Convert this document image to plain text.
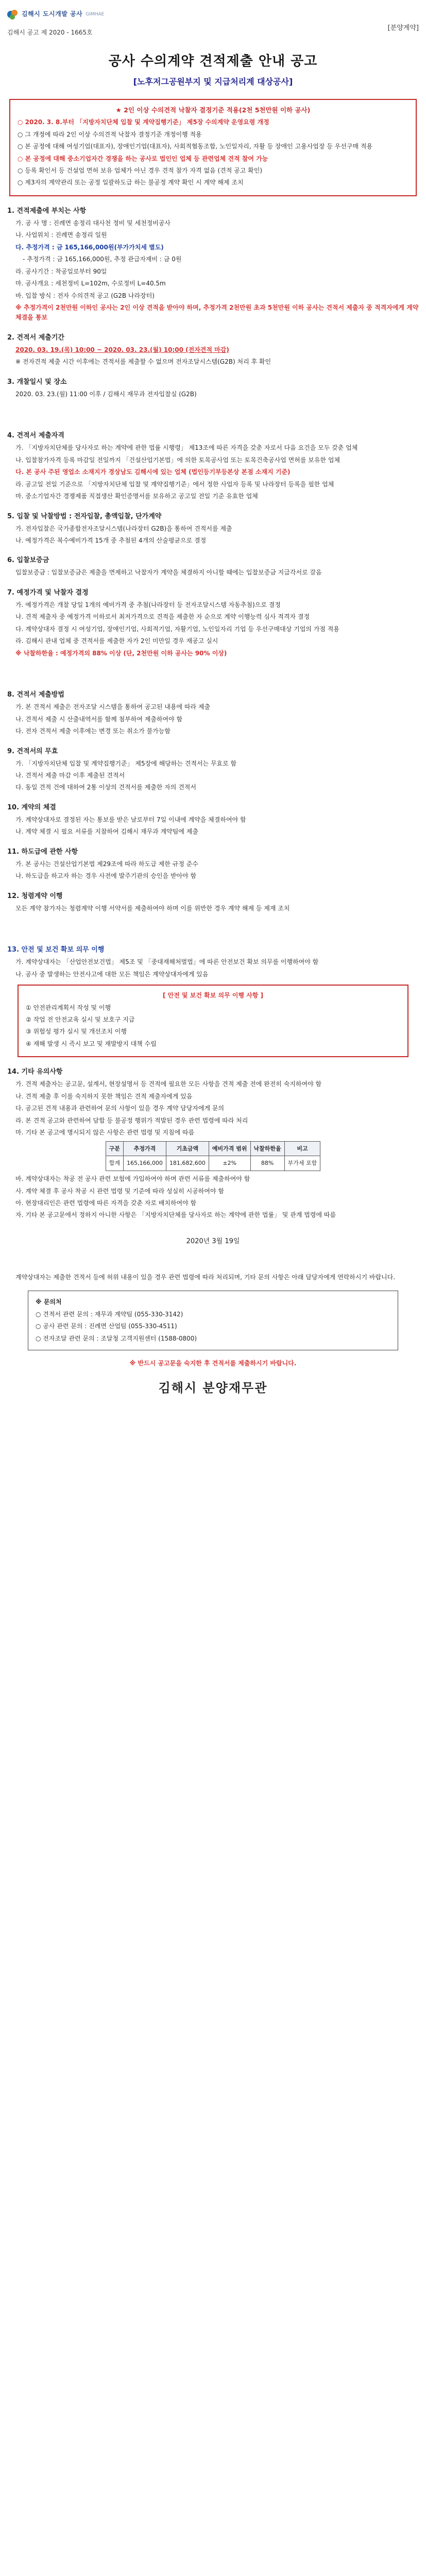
김해시 도시개발 공사 GIMHAE
김해시 공고 제 2020 - 1665호
[분양계약]
공사 수의계약 견적제출 안내 공고
[노후저그공원부지 및 지급처리계 대상공사]
★ 2인 이상 수의견적 낙찰자 결정기준 적용(2천 5천만원 이하 공사)
○ 2020. 3. 8.부터 「지방자치단체 입찰 및 계약집행기준」 제5장 수의계약 운영요령 개정
○ 그 개정에 따라 2인 이상 수의견적 낙찰자 결정기준 개정이행 적용
○ 본 공정에 대해 여성기업(대표자), 장애인기업(대표자), 사회적협동조합, 노인일자리, 자활 등 장애인 고용사업장 등 우선구매 적용
○ 본 공정에 대해 중소기업자간 경쟁을 하는 공사로 법인인 업체 등 관련업체 견적 참여 가능
○ 등록 확인서 등 건설업 면허 보유 업체가 아닌 경우 견적 참가 자격 없음 (견적 공고 확인)
○ 제3자의 계약관리 또는 공정 일괄하도급 하는 불공정 계약 확인 시 계약 해제 조치
1. 견적제출에 부치는 사항
가. 공 사 명 : 진례면 송정리 대사천 정비 및 세천정비공사
나. 사업위치 : 진례면 송정리 일원
다. 추정가격 : 금 165,166,000원(부가가치세 별도)
- 추정가격 : 금 165,166,000원, 추정 관급자재비 : 금 0원
라. 공사기간 : 착공일로부터 90일
마. 공사개요 : 세천정비 L=102m, 수로정비 L=40.5m
바. 입찰 방식 : 전자 수의견적 공고 (G2B 나라장터)
※ 추정가격이 2천만원 이하인 공사는 2인 이상 견적을 받아야 하며, 추정가격 2천만원 초과 5천만원 이하 공사는 견적서 제출자 중 적격자에게 계약 체결을 통보
2. 견적서 제출기간
2020. 03. 19.(목) 10:00 ~ 2020. 03. 23.(월) 10:00 (전자견적 마감)
※ 전자견적 제출 시간 이후에는 견적서를 제출할 수 없으며 전자조달시스템(G2B) 처리 후 확인
3. 개찰일시 및 장소
2020. 03. 23.(월) 11:00 이후 / 김해시 재무과 전자입찰실 (G2B)
4. 견적서 제출자격
가. 「지방자치단체를 당사자로 하는 계약에 관한 법률 시행령」 제13조에 따른 자격을 갖춘 자로서 다음 요건을 모두 갖춘 업체
나. 입찰참가자격 등록 마감일 전일까지 「건설산업기본법」에 의한 토목공사업 또는 토목건축공사업 면허를 보유한 업체
다. 본 공사 주된 영업소 소재지가 경상남도 김해시에 있는 업체 (법인등기부등본상 본점 소재지 기준)
라. 공고일 전일 기준으로 「지방자치단체 입찰 및 계약집행기준」에서 정한 사업자 등록 및 나라장터 등록을 필한 업체
마. 중소기업자간 경쟁제품 직접생산 확인증명서를 보유하고 공고일 전일 기준 유효한 업체
5. 입찰 및 낙찰방법 : 전자입찰, 총액입찰, 단가계약
가. 전자입찰은 국가종합전자조달시스템(나라장터 G2B)을 통하여 견적서를 제출
나. 예정가격은 복수예비가격 15개 중 추첨된 4개의 산술평균으로 결정
6. 입찰보증금
입찰보증금 : 입찰보증금은 제출을 면제하고 낙찰자가 계약을 체결하지 아니할 때에는 입찰보증금 지급각서로 갈음
7. 예정가격 및 낙찰자 결정
가. 예정가격은 개찰 당일 1개의 예비가격 중 추첨(나라장터 등 전자조달시스템 자동추첨)으로 결정
나. 견적 제출자 중 예정가격 이하로서 최저가격으로 견적을 제출한 자 순으로 계약 이행능력 심사 적격자 결정
다. 계약상대자 결정 시 여성기업, 장애인기업, 사회적기업, 자활기업, 노인일자리 기업 등 우선구매대상 기업의 가점 적용
라. 김해시 관내 업체 중 견적서를 제출한 자가 2인 미만일 경우 재공고 실시
※ 낙찰하한율 : 예정가격의 88% 이상 (단, 2천만원 이하 공사는 90% 이상)
8. 견적서 제출방법
가. 본 견적서 제출은 전자조달 시스템을 통하여 공고된 내용에 따라 제출
나. 견적서 제출 시 산출내역서를 함께 첨부하여 제출하여야 함
다. 전자 견적서 제출 이후에는 변경 또는 취소가 불가능함
9. 견적서의 무효
가. 「지방자치단체 입찰 및 계약집행기준」 제5장에 해당하는 견적서는 무효로 함
나. 견적서 제출 마감 이후 제출된 견적서
다. 동일 견적 건에 대하여 2통 이상의 견적서를 제출한 자의 견적서
10. 계약의 체결
가. 계약상대자로 결정된 자는 통보를 받은 날로부터 7일 이내에 계약을 체결하여야 함
나. 계약 체결 시 필요 서류를 지참하여 김해시 재무과 계약팀에 제출
11. 하도급에 관한 사항
가. 본 공사는 건설산업기본법 제29조에 따라 하도급 제한 규정 준수
나. 하도급을 하고자 하는 경우 사전에 발주기관의 승인을 받아야 함
12. 청렴계약 이행
모든 계약 참가자는 청렴계약 이행 서약서를 제출하여야 하며 이를 위반한 경우 계약 해제 등 제재 조치
13. 안전 및 보건 확보 의무 이행
가. 계약상대자는 「산업안전보건법」 제5조 및 「중대재해처벌법」에 따른 안전보건 확보 의무를 이행하여야 함
나. 공사 중 발생하는 안전사고에 대한 모든 책임은 계약상대자에게 있음
[ 안전 및 보건 확보 의무 이행 사항 ]
① 안전관리계획서 작성 및 이행
② 작업 전 안전교육 실시 및 보호구 지급
③ 위험성 평가 실시 및 개선조치 이행
④ 재해 발생 시 즉시 보고 및 재발방지 대책 수립
14. 기타 유의사항
가. 견적 제출자는 공고문, 설계서, 현장설명서 등 견적에 필요한 모든 사항을 견적 제출 전에 완전히 숙지하여야 함
나. 견적 제출 후 이를 숙지하지 못한 책임은 견적 제출자에게 있음
다. 공고된 견적 내용과 관련하여 문의 사항이 있을 경우 계약 담당자에게 문의
라. 본 견적 공고와 관련하여 담합 등 불공정 행위가 적발된 경우 관련 법령에 따라 처리
마. 기타 본 공고에 명시되지 않은 사항은 관련 법령 및 지침에 따름
구분	추정가격	기초금액	예비가격 범위	낙찰하한율	비고
합계	165,166,000	181,682,600	±2%	88%	부가세 포함
바. 계약상대자는 착공 전 공사 관련 보험에 가입하여야 하며 관련 서류를 제출하여야 함
사. 계약 체결 후 공사 착공 시 관련 법령 및 기준에 따라 성실히 시공하여야 함
아. 현장대리인은 관련 법령에 따른 자격을 갖춘 자로 배치하여야 함
자. 기타 본 공고문에서 정하지 아니한 사항은 「지방자치단체를 당사자로 하는 계약에 관한 법률」 및 관계 법령에 따름
2020년 3월 19일
계약상대자는 제출한 견적서 등에 허위 내용이 있을 경우 관련 법령에 따라 처리되며, 기타 문의 사항은 아래 담당자에게 연락하시기 바랍니다.
※ 문의처
○ 견적서 관련 문의 : 재무과 계약팀 (055-330-3142)
○ 공사 관련 문의 : 진례면 산업팀 (055-330-4511)
○ 전자조달 관련 문의 : 조달청 고객지원센터 (1588-0800)
※ 반드시 공고문을 숙지한 후 견적서를 제출하시기 바랍니다.
김해시 분양재무관
